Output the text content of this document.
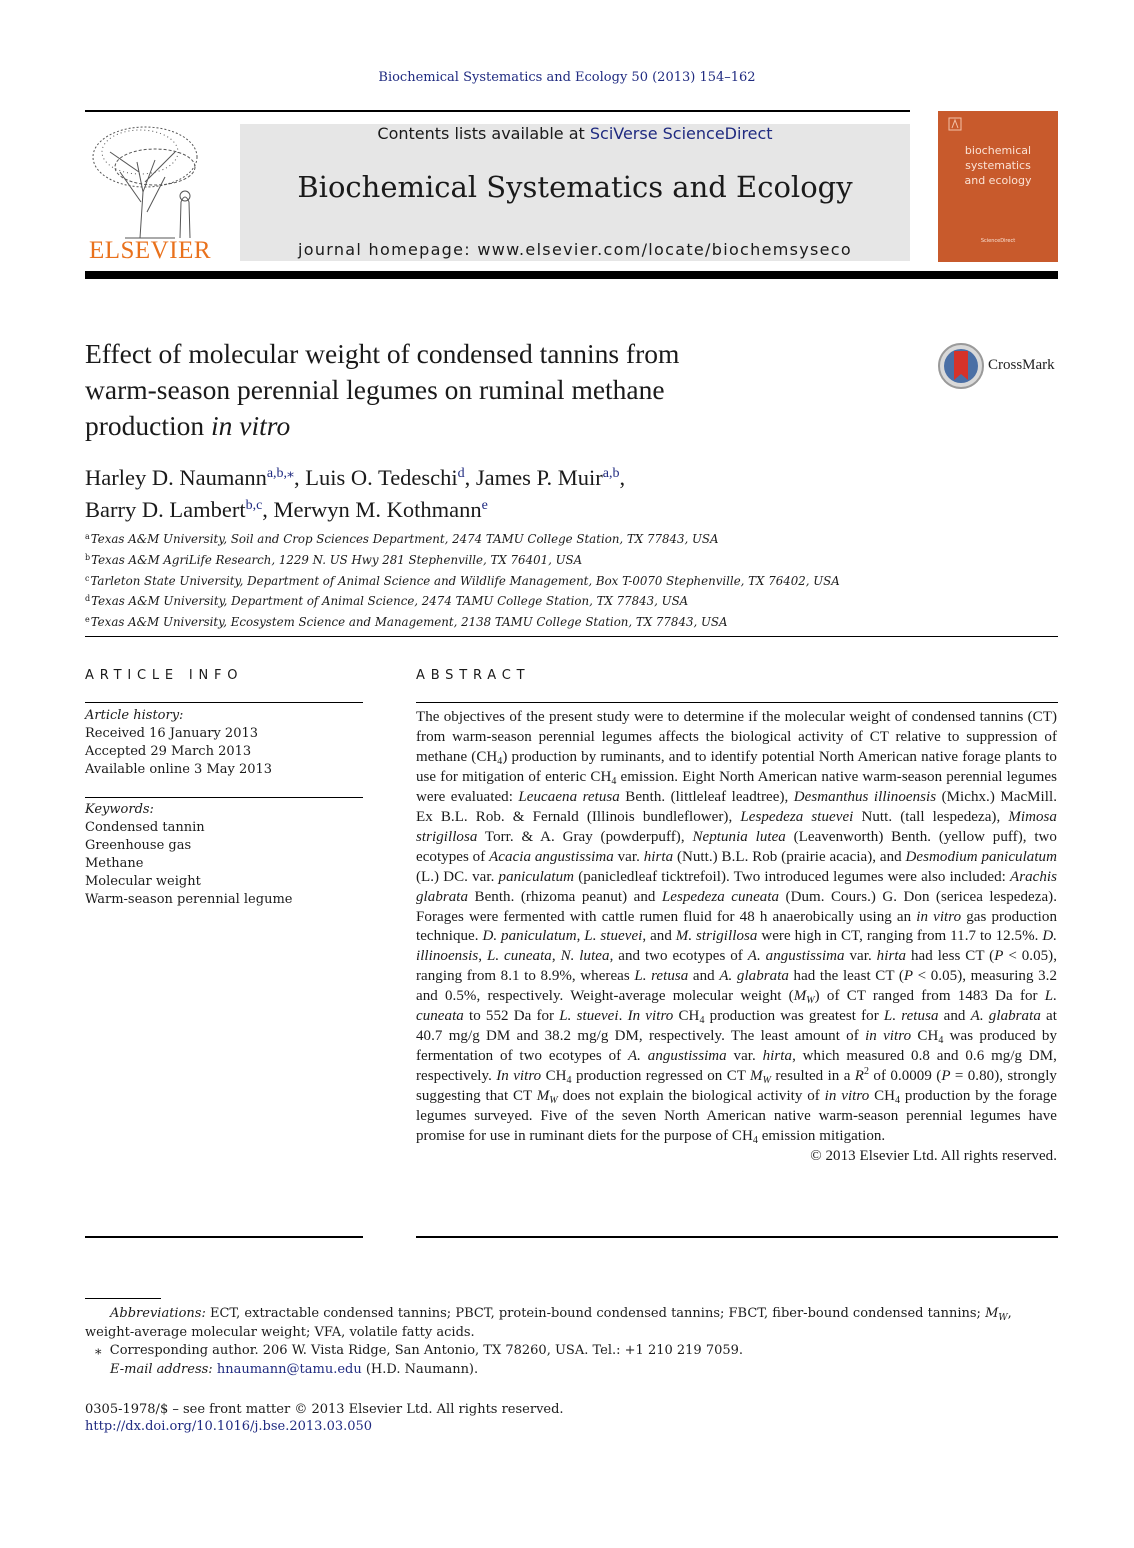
Biochemical Systematics and Ecology 50 (2013) 154–162
ELSEVIER
Contents lists available at SciVerse ScienceDirect
Biochemical Systematics and Ecology
journal homepage: www.elsevier.com/locate/biochemsyseco
biochemical
systematics
and ecology
ScienceDirect
Effect of molecular weight of condensed tannins from
warm-season perennial legumes on ruminal methane
production in vitro
CrossMark
Harley D. Naumann$^{a,b,⁎}$, Luis O. Tedeschi$^d$, James P. Muir$^{a,b}$,
Barry D. Lambert$^{b,c}$, Merwyn M. Kothmann$^e$
$^a$Texas A&M University, Soil and Crop Sciences Department, 2474 TAMU College Station, TX 77843, USA
$^b$Texas A&M AgriLife Research, 1229 N. US Hwy 281 Stephenville, TX 76401, USA
$^c$Tarleton State University, Department of Animal Science and Wildlife Management, Box T-0070 Stephenville, TX 76402, USA
$^d$Texas A&M University, Department of Animal Science, 2474 TAMU College Station, TX 77843, USA
$^e$Texas A&M University, Ecosystem Science and Management, 2138 TAMU College Station, TX 77843, USA
ARTICLE INFO	ABSTRACT
Article history:
Received 16 January 2013
Accepted 29 March 2013
Available online 3 May 2013
Keywords:
Condensed tannin
Greenhouse gas
Methane
Molecular weight
Warm-season perennial legume
The objectives of the present study were to determine if the molecular weight of condensed tannins (CT) from warm-season perennial legumes affects the biological activity of CT relative to suppression of methane $(CH_4)$ production by ruminants, and to identify potential North American native forage plants to use for mitigation of enteric $CH_4$ emission. Eight North American native warm-season perennial legumes were evaluated: Leucaena retusa Benth. (littleleaf leadtree), Desmanthus illinoensis (Michx.) MacMill. Ex B.L. Rob. & Fernald (Illinois bundleflower), Lespedeza stuevei Nutt. (tall lespedeza), Mimosa strigillosa Torr. & A. Gray (powderpuff), Neptunia lutea (Leavenworth) Benth. (yellow puff), two ecotypes of Acacia angustissima var. hirta (Nutt.) B.L. Rob (prairie acacia), and Desmodium paniculatum (L.) DC. var. paniculatum (panicledleaf ticktrefoil). Two introduced legumes were also included: Arachis glabrata Benth. (rhizoma peanut) and Lespedeza cuneata (Dum. Cours.) G. Don (sericea lespedeza). Forages were fermented with cattle rumen fluid for 48 h anaerobically using an in vitro gas production technique. D. paniculatum, L. stuevei, and M. strigillosa were high in CT, ranging from 11.7 to 12.5%. D. illinoensis, L. cuneata, N. lutea, and two ecotypes of A. angustissima var. hirta had less CT (P < 0.05), ranging from 8.1 to 8.9%, whereas L. retusa and A. glabrata had the least CT (P < 0.05), measuring 3.2 and 0.5%, respectively. Weight-average molecular weight $(M_W)$ of CT ranged from 1483 Da for L. cuneata to 552 Da for L. stuevei. In vitro $CH_4$ production was greatest for L. retusa and A. glabrata at 40.7 mg/g DM and 38.2 mg/g DM, respectively. The least amount of in vitro $CH_4$ was produced by fermentation of two ecotypes of A. angustissima var. hirta, which measured 0.8 and 0.6 mg/g DM, respectively. In vitro $CH_4$ production regressed on CT $M_W$ resulted in a $R^2$ of 0.0009 (P = 0.80), strongly suggesting that CT $M_W$ does not explain the biological activity of in vitro $CH_4$ production by the forage legumes surveyed. Five of the seven North American native warm-season perennial legumes have promise for use in ruminant diets for the purpose of $CH_4$ emission mitigation.
© 2013 Elsevier Ltd. All rights reserved.
Abbreviations: ECT, extractable condensed tannins; PBCT, protein-bound condensed tannins; FBCT, fiber-bound condensed tannins; $M_W$, weight-average molecular weight; VFA, volatile fatty acids.
⁎ Corresponding author. 206 W. Vista Ridge, San Antonio, TX 78260, USA. Tel.: +1 210 219 7059.
E-mail address: hnaumann@tamu.edu (H.D. Naumann).
0305-1978/$ – see front matter © 2013 Elsevier Ltd. All rights reserved.
http://dx.doi.org/10.1016/j.bse.2013.03.050
